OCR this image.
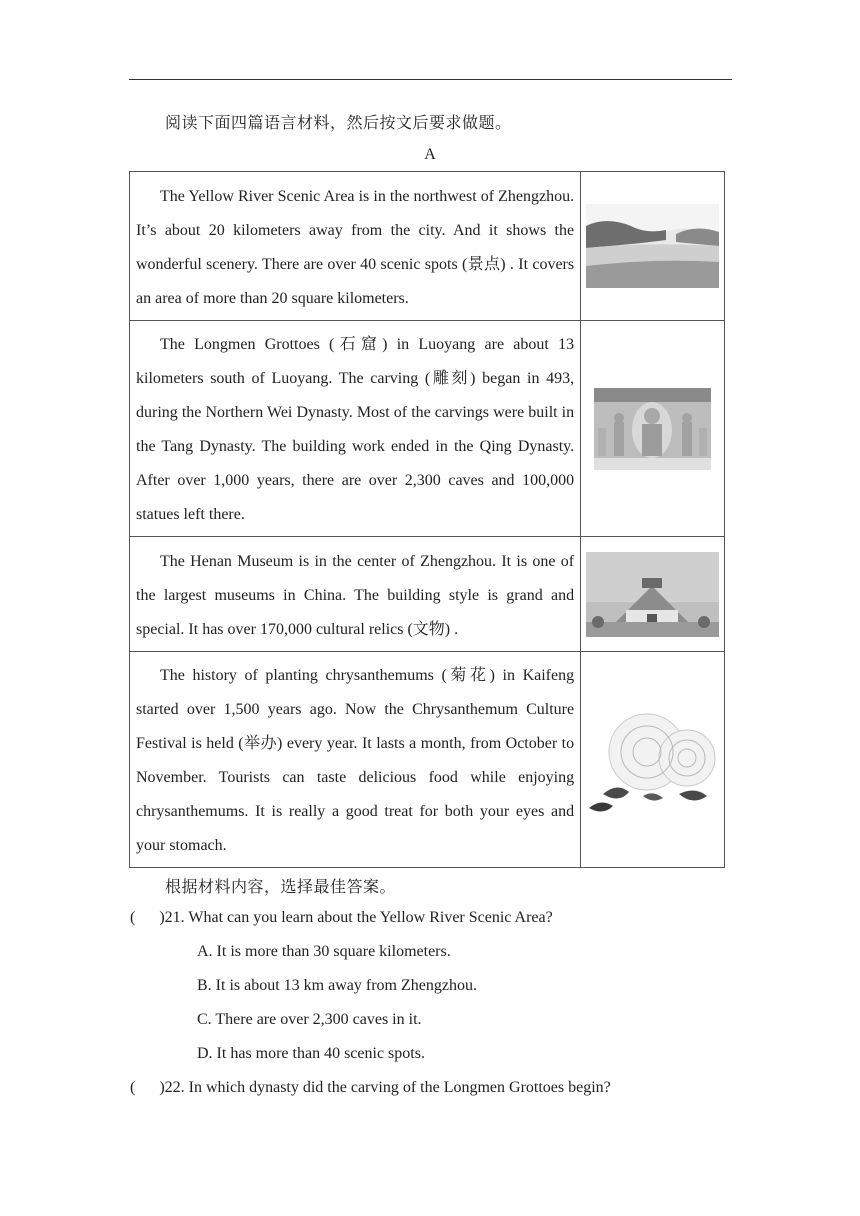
阅读下面四篇语言材料，然后按文后要求做题。
A

The Yellow River Scenic Area is in the northwest of Zhengzhou. It’s about 20 kilometers away from the city. And it shows the wonderful scenery. There are over 40 scenic spots (景点) . It covers an area of more than 20 square kilometers.

The Longmen Grottoes (石窟) in Luoyang are about 13 kilometers south of Luoyang. The carving (雕刻) began in 493, during the Northern Wei Dynasty. Most of the carvings were built in the Tang Dynasty. The building work ended in the Qing Dynasty. After over 1,000 years, there are over 2,300 caves and 100,000 statues left there.

The Henan Museum is in the center of Zhengzhou. It is one of the largest museums in China. The building style is grand and special. It has over 170,000 cultural relics (文物) .

The history of planting chrysanthemums (菊花) in Kaifeng started over 1,500 years ago. Now the Chrysanthemum Culture Festival is held (举办) every year. It lasts a month, from October to November. Tourists can taste delicious food while enjoying chrysanthemums. It is really a good treat for both your eyes and your stomach.

根据材料内容，选择最佳答案。
(      )21. What can you learn about the Yellow River Scenic Area?
A. It is more than 30 square kilometers.
B. It is about 13 km away from Zhengzhou.
C. There are over 2,300 caves in it.
D. It has more than 40 scenic spots.
(      )22. In which dynasty did the carving of the Longmen Grottoes begin?
